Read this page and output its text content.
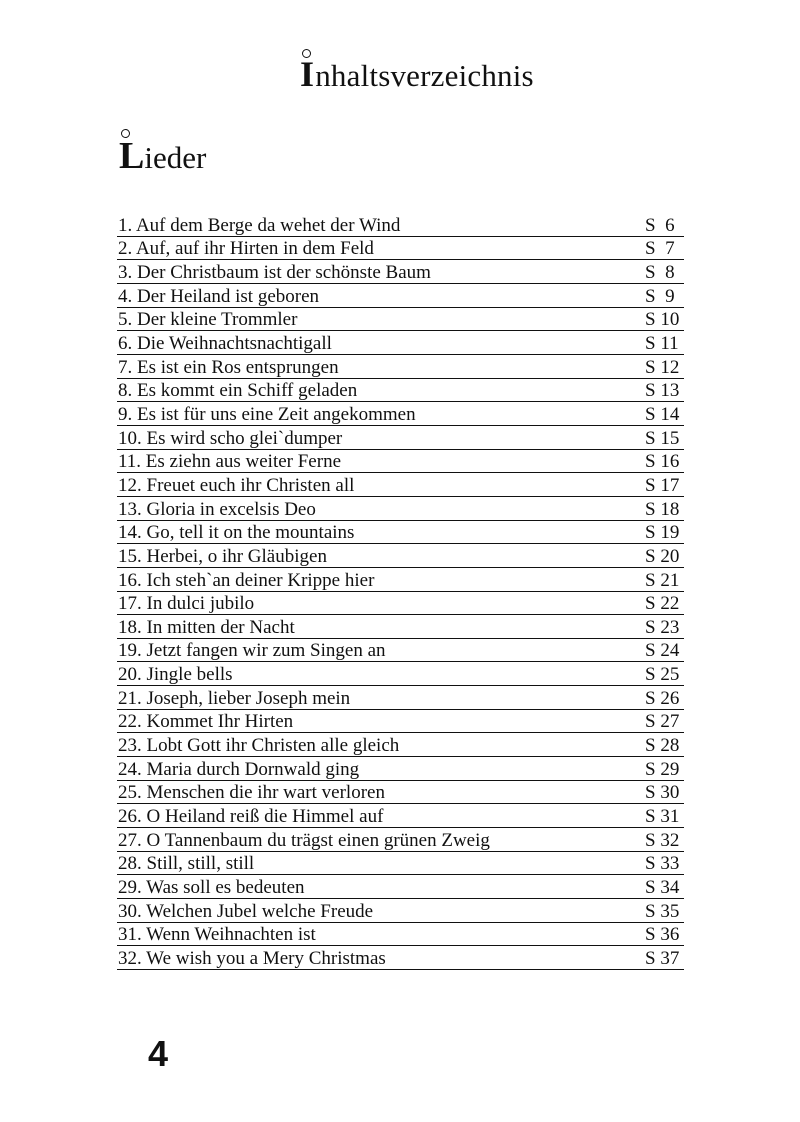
Inhaltsverzeichnis
Lieder
1. Auf dem Berge da wehet der Wind	S  6
2. Auf, auf ihr Hirten in dem Feld	S  7
3. Der Christbaum ist der schönste Baum	S  8
4. Der Heiland ist geboren	S  9
5. Der kleine Trommler	S 10
6. Die Weihnachtsnachtigall	S 11
7. Es ist ein Ros entsprungen	S 12
8. Es kommt ein Schiff geladen	S 13
9. Es ist für uns eine Zeit angekommen	S 14
10. Es wird scho glei`dumper	S 15
11. Es ziehn aus weiter Ferne	S 16
12. Freuet euch ihr Christen all	S 17
13. Gloria in excelsis Deo	S 18
14. Go, tell it on the mountains	S 19
15. Herbei, o ihr Gläubigen	S 20
16. Ich steh`an deiner Krippe hier	S 21
17. In dulci jubilo	S 22
18. In mitten der Nacht	S 23
19. Jetzt fangen wir zum Singen an	S 24
20. Jingle bells	S 25
21. Joseph, lieber Joseph mein	S 26
22. Kommet Ihr Hirten	S 27
23. Lobt Gott ihr Christen alle gleich	S 28
24. Maria durch Dornwald ging	S 29
25. Menschen die ihr wart verloren	S 30
26. O Heiland reiß die Himmel auf	S 31
27. O Tannenbaum du trägst einen grünen Zweig	S 32
28. Still, still, still	S 33
29. Was soll es bedeuten	S 34
30. Welchen Jubel welche Freude	S 35
31. Wenn Weihnachten ist	S 36
32. We wish you a Mery Christmas	S 37
4
